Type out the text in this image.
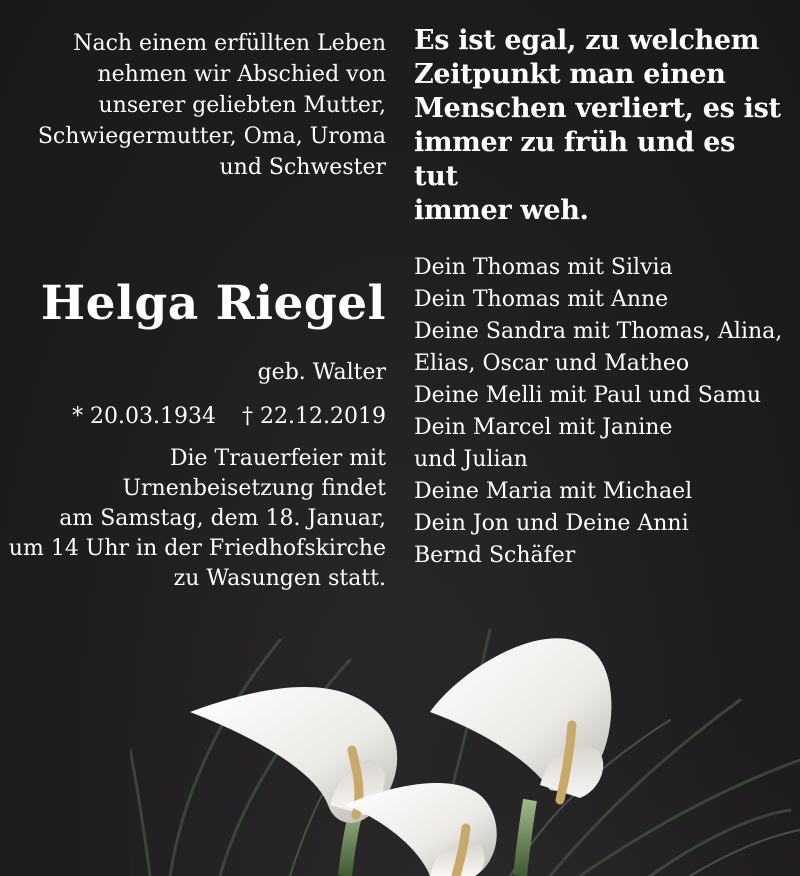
Nach einem erfüllten Leben
nehmen wir Abschied von
unserer geliebten Mutter,
Schwiegermutter, Oma, Uroma
und Schwester
Es ist egal, zu welchem
Zeitpunkt man einen
Menschen verliert, es ist
immer zu früh und es tut
immer weh.
Helga Riegel
geb. Walter
* 20.03.1934 † 22.12.2019
Die Trauerfeier mit
Urnenbeisetzung findet
am Samstag, dem 18. Januar,
um 14 Uhr in der Friedhofskirche
zu Wasungen statt.
Dein Thomas mit Silvia
Dein Thomas mit Anne
Deine Sandra mit Thomas, Alina,
Elias, Oscar und Matheo
Deine Melli mit Paul und Samu
Dein Marcel mit Janine
und Julian
Deine Maria mit Michael
Dein Jon und Deine Anni
Bernd Schäfer
